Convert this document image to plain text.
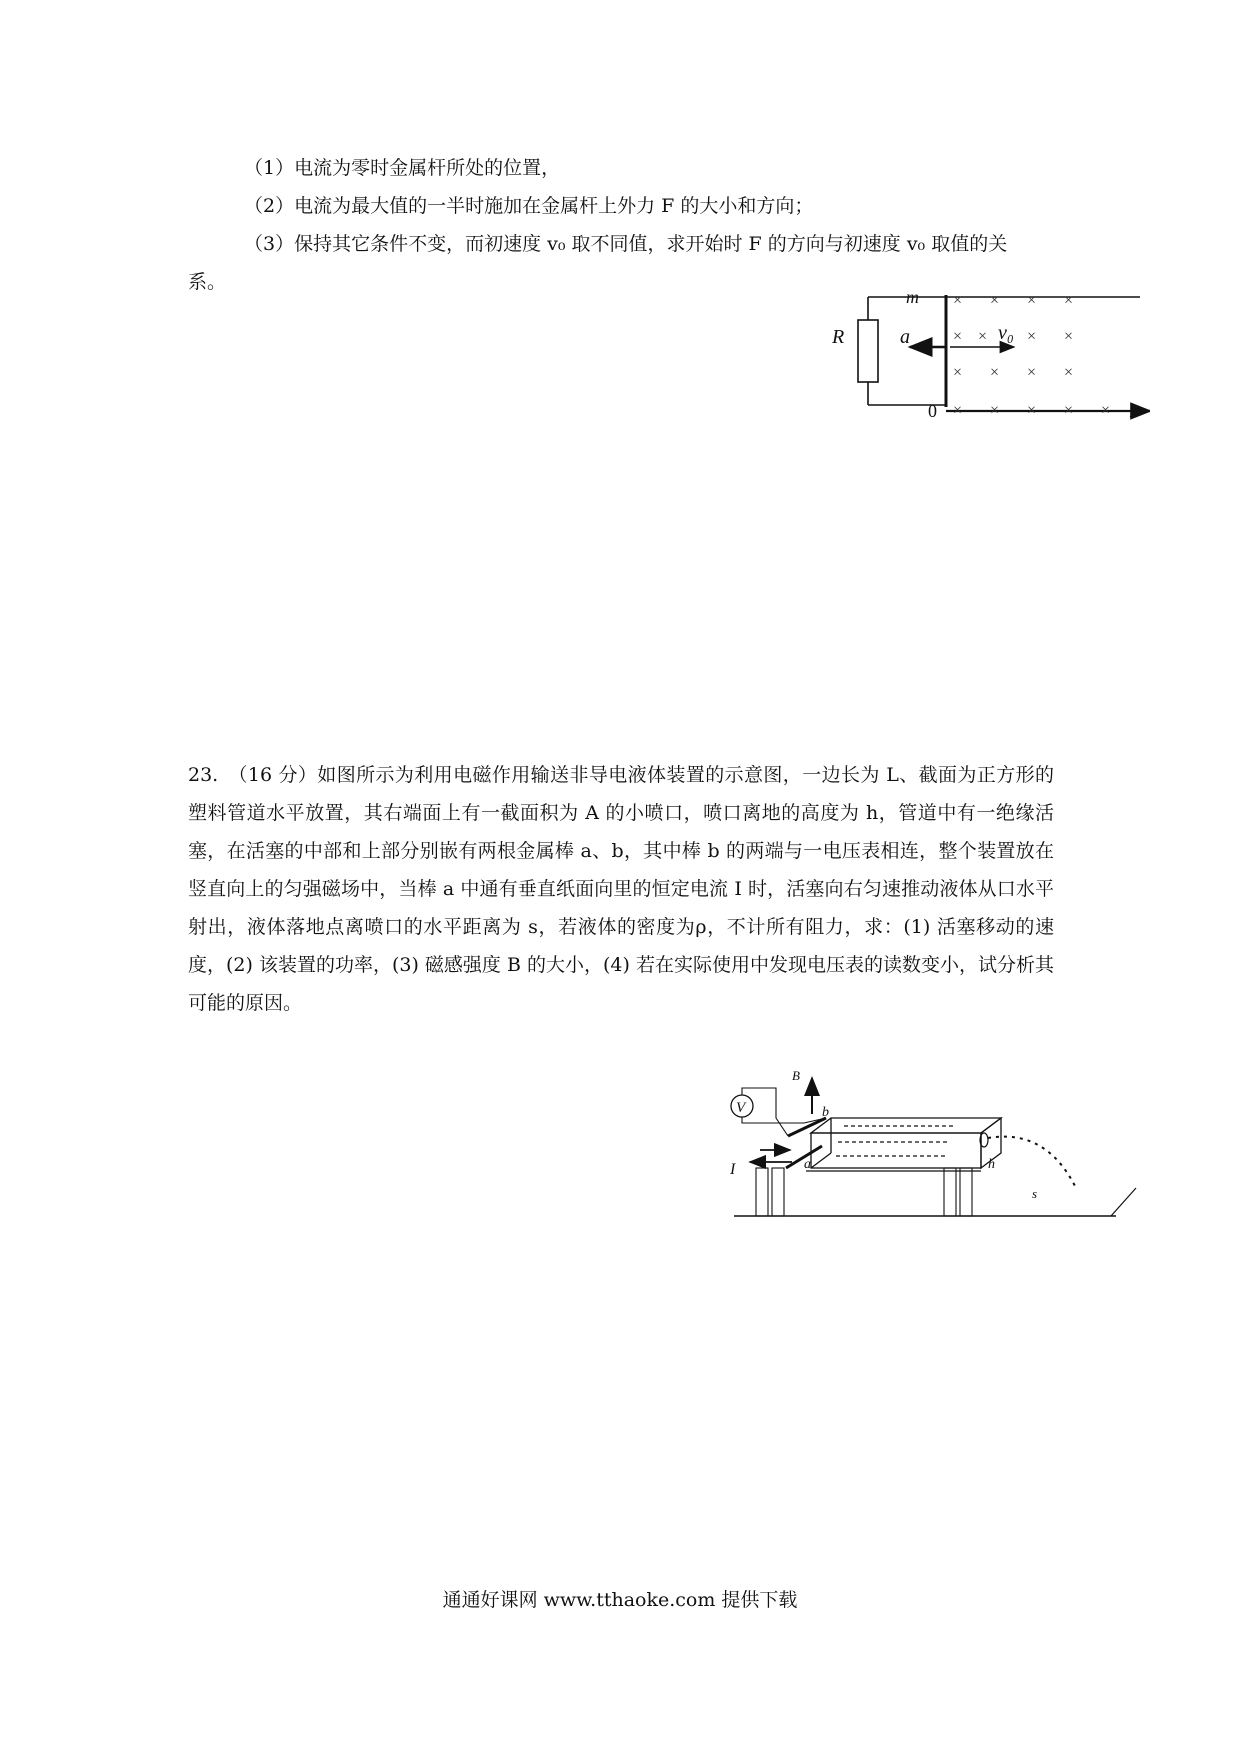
（1）电流为零时金属杆所处的位置，
（2）电流为最大值的一半时施加在金属杆上外力 F 的大小和方向；
（3）保持其它条件不变，而初速度 v₀ 取不同值，求开始时 F 的方向与初速度 v₀ 取值的关
系。
R
m
a
0	x
v₀
× × × ×
× × × ×
× × × ×
× × × × ×
23.　（16 分）如图所示为利用电磁作用输送非导电液体装置的示意图，一边长为 L、截面为正方形的塑料管道水平放置，其右端面上有一截面积为 A 的小喷口，喷口离地的高度为 h，管道中有一绝缘活塞，在活塞的中部和上部分别嵌有两根金属棒 a、b，其中棒 b 的两端与一电压表相连，整个装置放在竖直向上的匀强磁场中，当棒 a 中通有垂直纸面向里的恒定电流 I 时，活塞向右匀速推动液体从口水平射出，液体落地点离喷口的水平距离为 s，若液体的密度为ρ，不计所有阻力，求：(1) 活塞移动的速度，(2) 该装置的功率，(3) 磁感强度 B 的大小，(4) 若在实际使用中发现电压表的读数变小，试分析其可能的原因。
b
a
V
I
B
h
s
通通好课网 www.tthaoke.com 提供下载
